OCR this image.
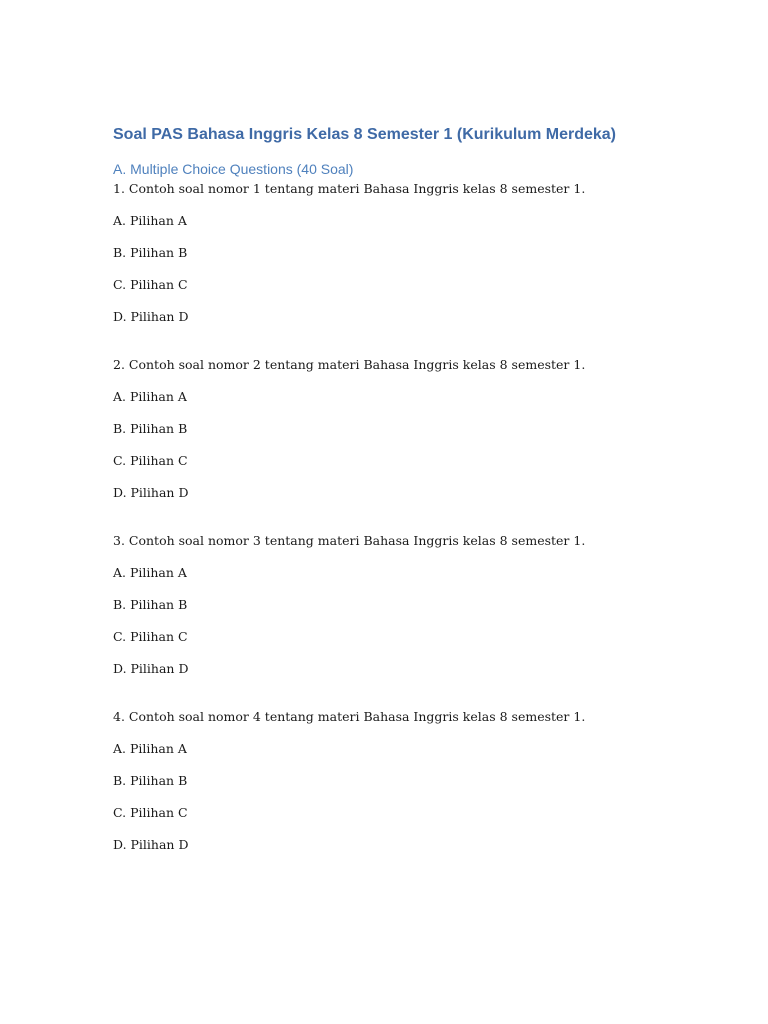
Soal PAS Bahasa Inggris Kelas 8 Semester 1 (Kurikulum Merdeka)
A. Multiple Choice Questions (40 Soal)

1. Contoh soal nomor 1 tentang materi Bahasa Inggris kelas 8 semester 1.

A. Pilihan A

B. Pilihan B

C. Pilihan C

D. Pilihan D

2. Contoh soal nomor 2 tentang materi Bahasa Inggris kelas 8 semester 1.

A. Pilihan A

B. Pilihan B

C. Pilihan C

D. Pilihan D

3. Contoh soal nomor 3 tentang materi Bahasa Inggris kelas 8 semester 1.

A. Pilihan A

B. Pilihan B

C. Pilihan C

D. Pilihan D

4. Contoh soal nomor 4 tentang materi Bahasa Inggris kelas 8 semester 1.

A. Pilihan A

B. Pilihan B

C. Pilihan C

D. Pilihan D
